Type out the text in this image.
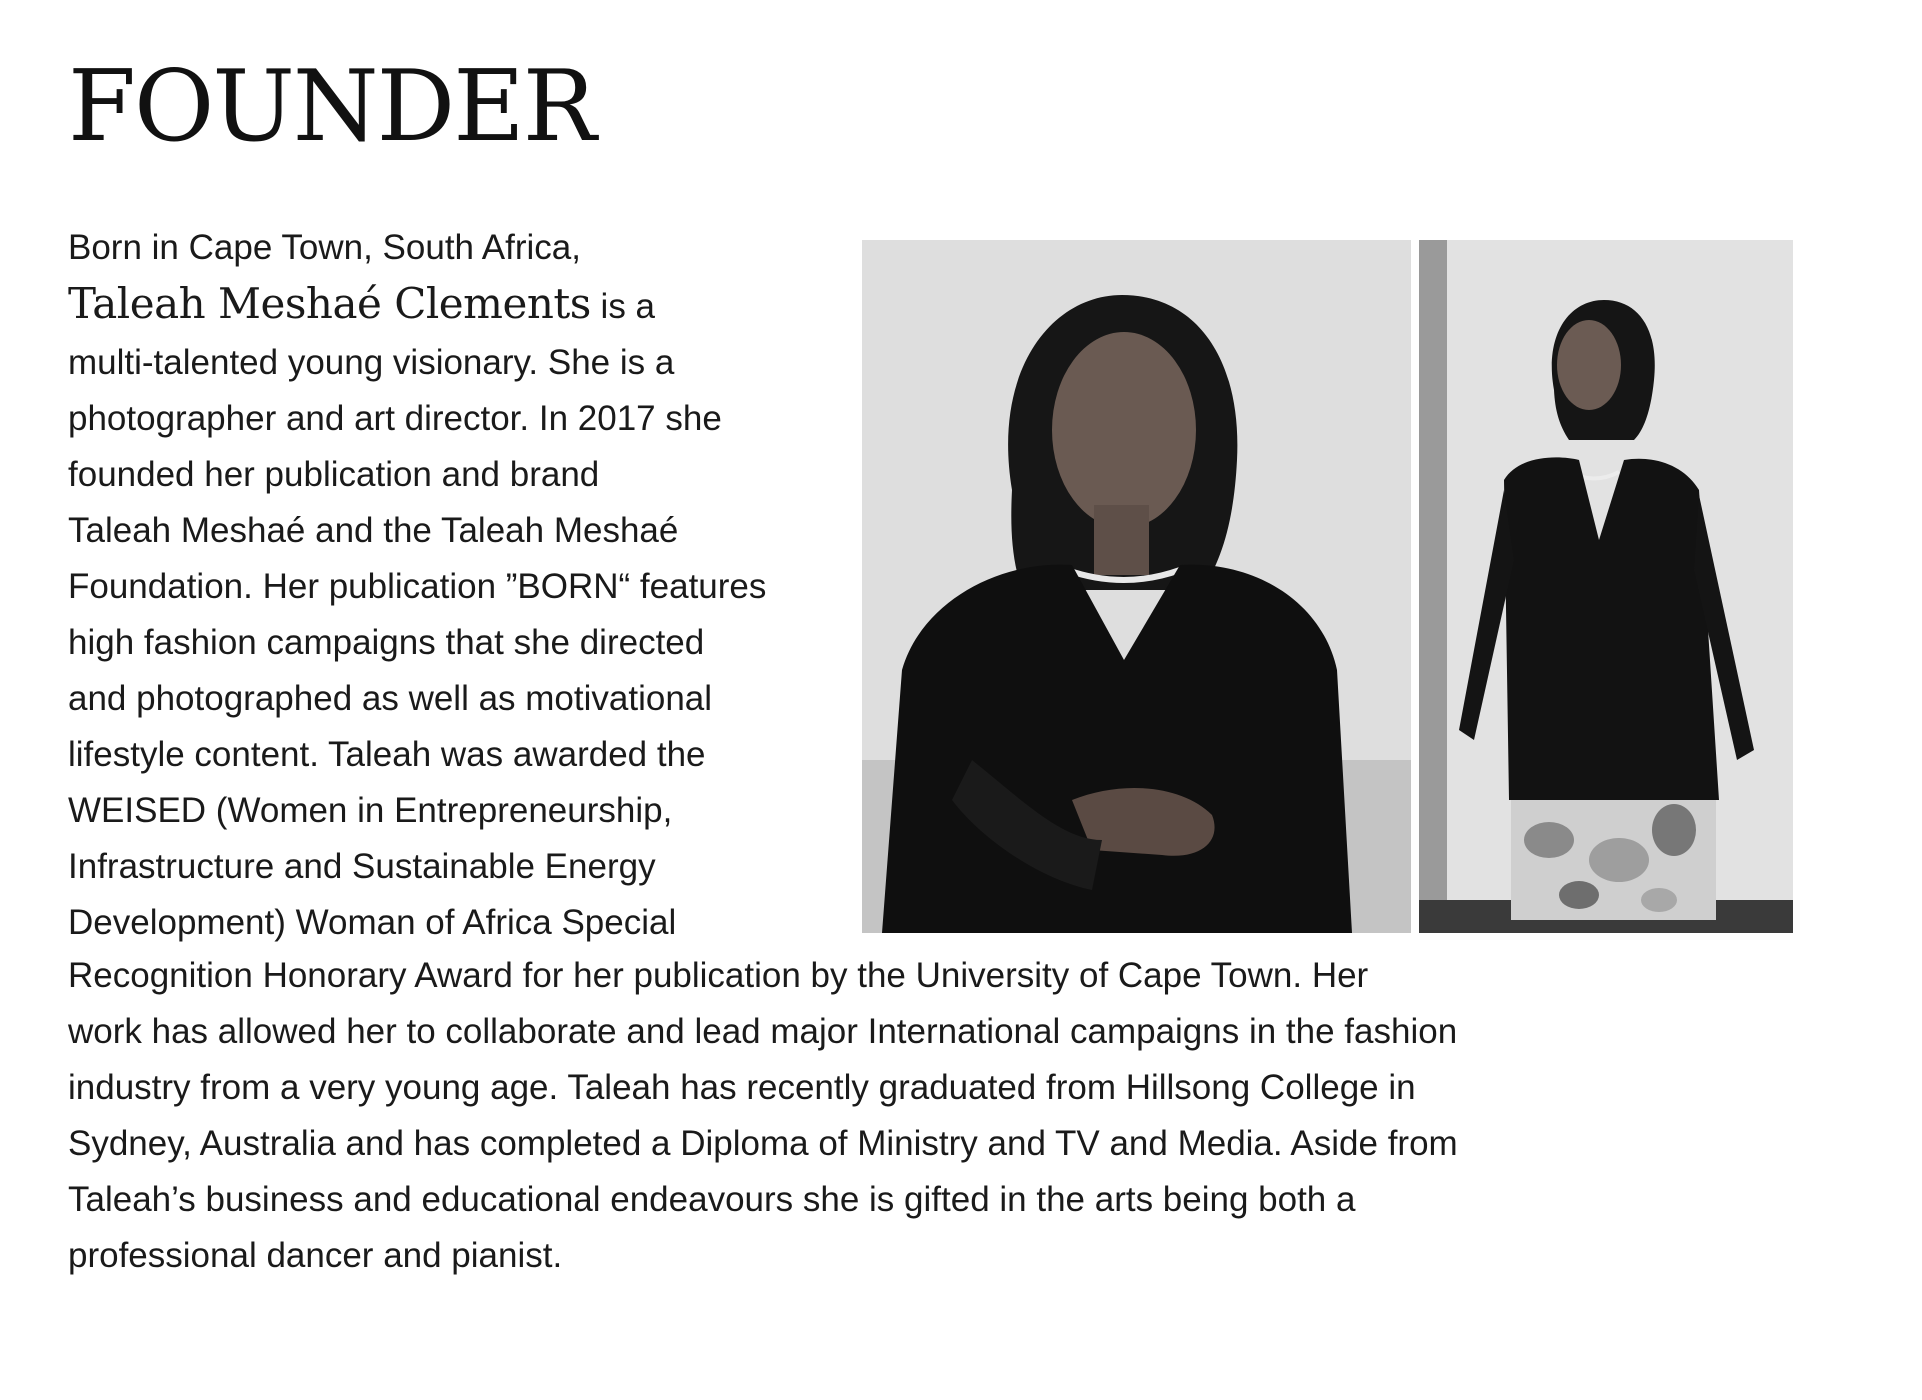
FOUNDER
Born in Cape Town, South Africa,
Taleah Meshaé Clements is a
multi-talented young visionary. She is a
photographer and art director. In 2017 she
founded her publication and brand
Taleah Meshaé and the Taleah Meshaé
Foundation. Her publication ”BORN“ features
high fashion campaigns that she directed
and photographed as well as motivational
lifestyle content. Taleah was awarded the
WEISED (Women in Entrepreneurship,
Infrastructure and Sustainable Energy
Development) Woman of Africa Special
Recognition Honorary Award for her publication by the University of Cape Town. Her
work has allowed her to collaborate and lead major International campaigns in the fashion
industry from a very young age. Taleah has recently graduated from Hillsong College in
Sydney, Australia and has completed a Diploma of Ministry and TV and Media. Aside from
Taleah’s business and educational endeavours she is gifted in the arts being both a
professional dancer and pianist.
